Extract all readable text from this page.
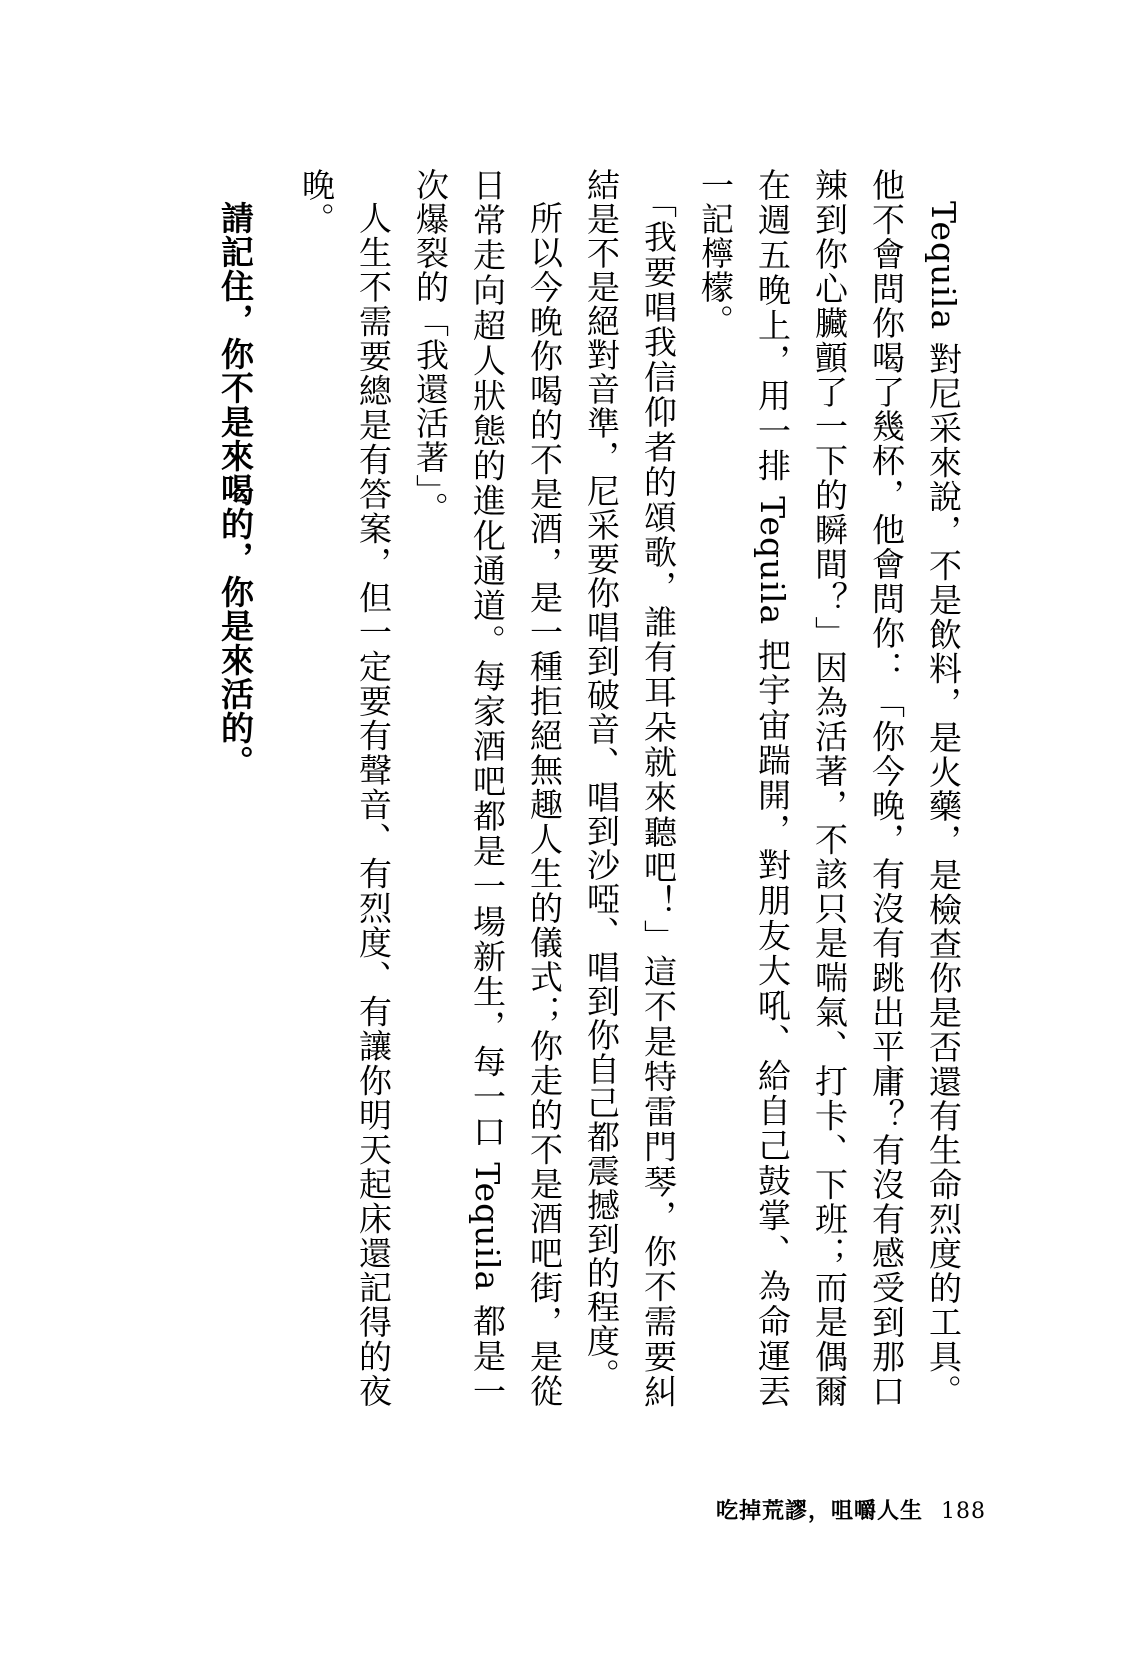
Tequila 對尼采來說，不是飲料，是火藥，是檢查你是否還有生命烈度的工具。他不會問你喝了幾杯，他會問你：「你今晚，有沒有跳出平庸？有沒有感受到那口辣到你心臟顫了一下的瞬間？」因為活著，不該只是喘氣、打卡、下班；而是偶爾在週五晚上，用一排 Tequila 把宇宙踹開，對朋友大吼、給自己鼓掌、為命運丟一記檸檬。

「我要唱我信仰者的頌歌，誰有耳朵就來聽吧！」這不是特雷門琴，你不需要糾結是不是絕對音準，尼采要你唱到破音、唱到沙啞、唱到你自己都震撼到的程度。

所以今晚你喝的不是酒，是一種拒絕無趣人生的儀式；你走的不是酒吧街，是從日常走向超人狀態的進化通道。每家酒吧都是一場新生，每一口 Tequila 都是一次爆裂的「我還活著」。

人生不需要總是有答案，但一定要有聲音、有烈度、有讓你明天起床還記得的夜晚。

請記住，你不是來喝的，你是來活的。

吃掉荒謬，咀嚼人生 188
